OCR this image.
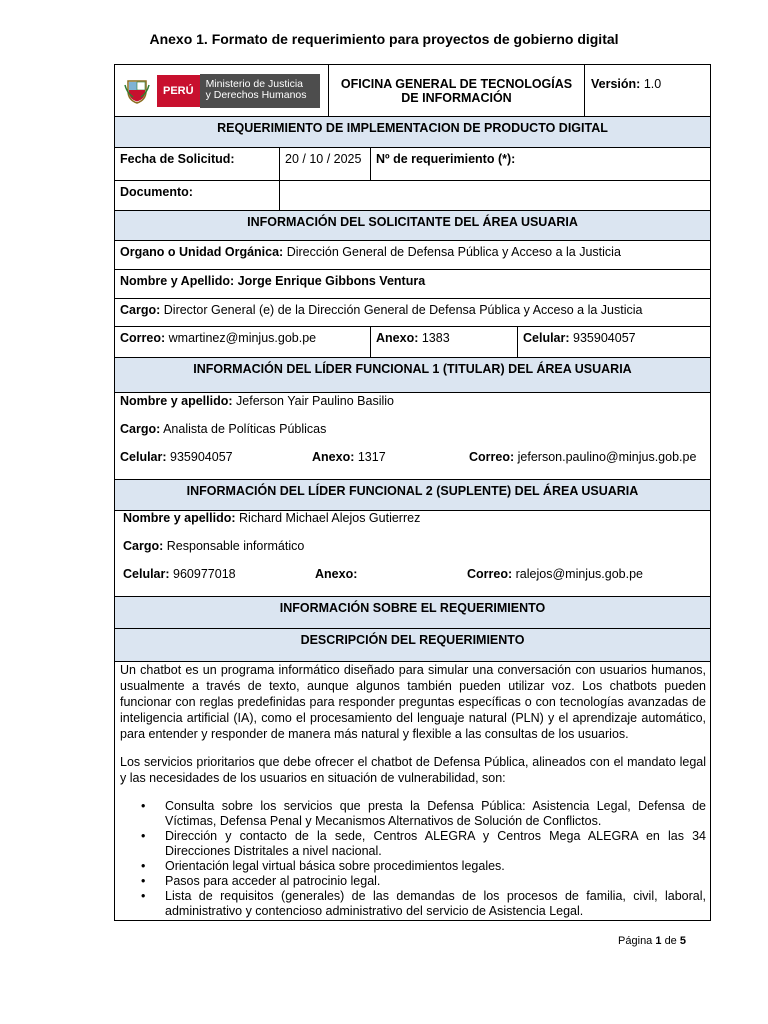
Anexo 1. Formato de requerimiento para proyectos de gobierno digital
PERÚ
Ministerio de Justicia
y Derechos Humanos
OFICINA GENERAL DE TECNOLOGÍAS
DE INFORMACIÓN
Versión: 1.0
REQUERIMIENTO DE IMPLEMENTACION DE PRODUCTO DIGITAL
Fecha de Solicitud:	20 / 10 / 2025	Nº de requerimiento (*):
Documento:
INFORMACIÓN DEL SOLICITANTE DEL ÁREA USUARIA
Organo o Unidad Orgánica: Dirección General de Defensa Pública y Acceso a la Justicia
Nombre y Apellido: Jorge Enrique Gibbons Ventura
Cargo: Director General (e) de la Dirección General de Defensa Pública y Acceso a la Justicia
Correo: wmartinez@minjus.gob.pe	Anexo: 1383	Celular: 935904057
INFORMACIÓN DEL LÍDER FUNCIONAL 1 (TITULAR) DEL ÁREA USUARIA
Nombre y apellido: Jeferson Yair Paulino Basilio
Cargo: Analista de Políticas Públicas
Celular: 935904057	Anexo: 1317	Correo: jeferson.paulino@minjus.gob.pe
INFORMACIÓN DEL LÍDER FUNCIONAL 2 (SUPLENTE) DEL ÁREA USUARIA
Nombre y apellido: Richard Michael Alejos Gutierrez
Cargo: Responsable informático
Celular: 960977018	Anexo:	Correo: ralejos@minjus.gob.pe
INFORMACIÓN SOBRE EL REQUERIMIENTO
DESCRIPCIÓN DEL REQUERIMIENTO
Un chatbot es un programa informático diseñado para simular una conversación con usuarios humanos, usualmente a través de texto, aunque algunos también pueden utilizar voz. Los chatbots pueden funcionar con reglas predefinidas para responder preguntas específicas o con tecnologías avanzadas de inteligencia artificial (IA), como el procesamiento del lenguaje natural (PLN) y el aprendizaje automático, para entender y responder de manera más natural y flexible a las consultas de los usuarios.
Los servicios prioritarios que debe ofrecer el chatbot de Defensa Pública, alineados con el mandato legal y las necesidades de los usuarios en situación de vulnerabilidad, son:
• Consulta sobre los servicios que presta la Defensa Pública: Asistencia Legal, Defensa de Víctimas, Defensa Penal y Mecanismos Alternativos de Solución de Conflictos.
• Dirección y contacto de la sede, Centros ALEGRA y Centros Mega ALEGRA en las 34 Direcciones Distritales a nivel nacional.
• Orientación legal virtual básica sobre procedimientos legales.
• Pasos para acceder al patrocinio legal.
• Lista de requisitos (generales) de las demandas de los procesos de familia, civil, laboral, administrativo y contencioso administrativo del servicio de Asistencia Legal.
Página 1 de 5
